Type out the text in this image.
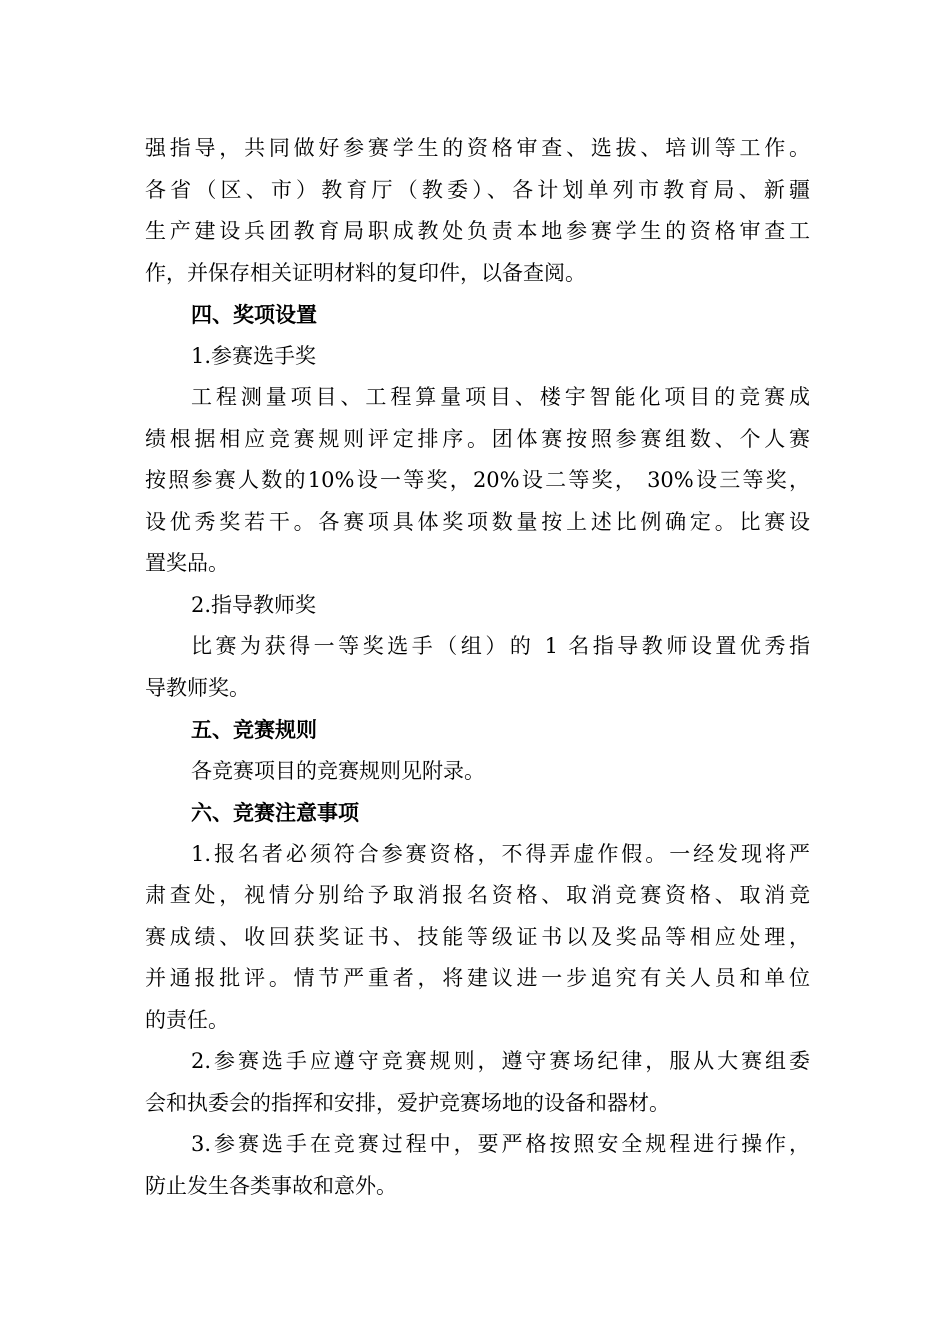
强指导，共同做好参赛学生的资格审查、选拔、培训等工作。
各省（区、市）教育厅（教委）、各计划单列市教育局、新疆
生产建设兵团教育局职成教处负责本地参赛学生的资格审查工
作，并保存相关证明材料的复印件，以备查阅。
四、奖项设置
1.参赛选手奖
工程测量项目、工程算量项目、楼宇智能化项目的竞赛成
绩根据相应竞赛规则评定排序。团体赛按照参赛组数、个人赛
按照参赛人数的10%设一等奖，20%设二等奖， 30%设三等奖，
设优秀奖若干。各赛项具体奖项数量按上述比例确定。比赛设
置奖品。
2.指导教师奖
比赛为获得一等奖选手（组）的 1 名指导教师设置优秀指
导教师奖。
五、竞赛规则
各竞赛项目的竞赛规则见附录。
六、竞赛注意事项
1.报名者必须符合参赛资格，不得弄虚作假。一经发现将严
肃查处，视情分别给予取消报名资格、取消竞赛资格、取消竞
赛成绩、收回获奖证书、技能等级证书以及奖品等相应处理，
并通报批评。情节严重者，将建议进一步追究有关人员和单位
的责任。
2.参赛选手应遵守竞赛规则，遵守赛场纪律，服从大赛组委
会和执委会的指挥和安排，爱护竞赛场地的设备和器材。
3.参赛选手在竞赛过程中，要严格按照安全规程进行操作，
防止发生各类事故和意外。
